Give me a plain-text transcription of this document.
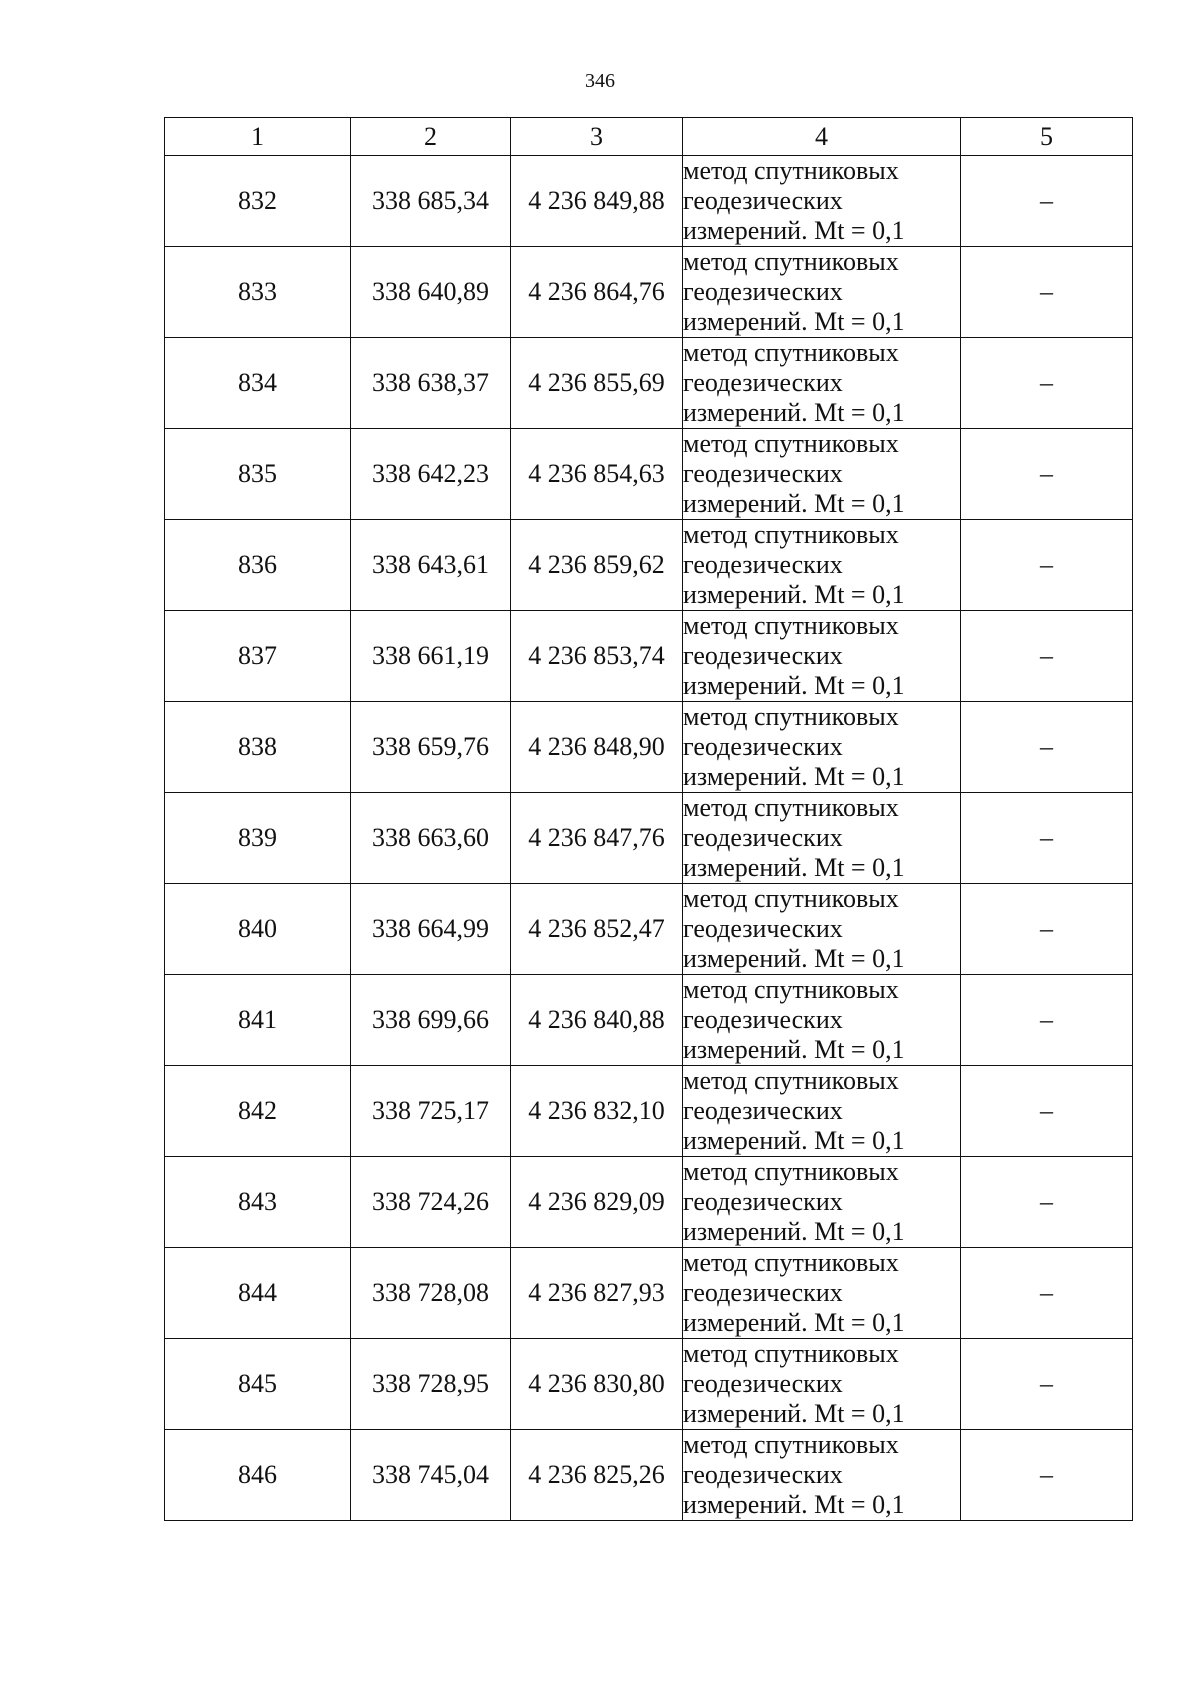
346
1	2	3	4	5
832	338 685,34	4 236 849,88	метод спутниковых геодезических измерений. Mt = 0,1	–
833	338 640,89	4 236 864,76	метод спутниковых геодезических измерений. Mt = 0,1	–
834	338 638,37	4 236 855,69	метод спутниковых геодезических измерений. Mt = 0,1	–
835	338 642,23	4 236 854,63	метод спутниковых геодезических измерений. Mt = 0,1	–
836	338 643,61	4 236 859,62	метод спутниковых геодезических измерений. Mt = 0,1	–
837	338 661,19	4 236 853,74	метод спутниковых геодезических измерений. Mt = 0,1	–
838	338 659,76	4 236 848,90	метод спутниковых геодезических измерений. Mt = 0,1	–
839	338 663,60	4 236 847,76	метод спутниковых геодезических измерений. Mt = 0,1	–
840	338 664,99	4 236 852,47	метод спутниковых геодезических измерений. Mt = 0,1	–
841	338 699,66	4 236 840,88	метод спутниковых геодезических измерений. Mt = 0,1	–
842	338 725,17	4 236 832,10	метод спутниковых геодезических измерений. Mt = 0,1	–
843	338 724,26	4 236 829,09	метод спутниковых геодезических измерений. Mt = 0,1	–
844	338 728,08	4 236 827,93	метод спутниковых геодезических измерений. Mt = 0,1	–
845	338 728,95	4 236 830,80	метод спутниковых геодезических измерений. Mt = 0,1	–
846	338 745,04	4 236 825,26	метод спутниковых геодезических измерений. Mt = 0,1	–
